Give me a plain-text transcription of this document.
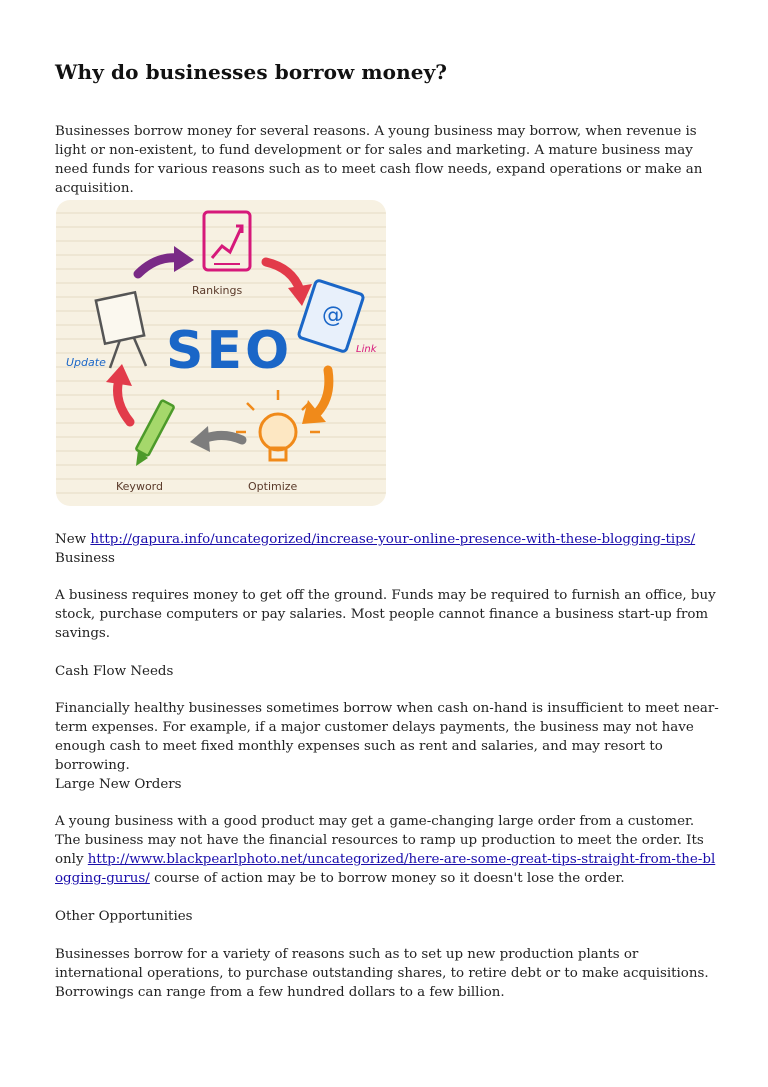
Why do businesses borrow money?

Businesses borrow money for several reasons. A young business may borrow, when revenue is light or non-existent, to fund development or for sales and marketing. A mature business may need funds for various reasons such as to meet cash flow needs, expand operations or make an acquisition.

Rankings
@
Link
SEO
Update
Optimize
Keyword

New http://gapura.info/uncategorized/increase-your-online-presence-with-these-blogging-tips/
Business

A business requires money to get off the ground. Funds may be required to furnish an office, buy stock, purchase computers or pay salaries. Most people cannot finance a business start-up from savings.

Cash Flow Needs

Financially healthy businesses sometimes borrow when cash on-hand is insufficient to meet near-term expenses. For example, if a major customer delays payments, the business may not have enough cash to meet fixed monthly expenses such as rent and salaries, and may resort to borrowing.

Large New Orders

A young business with a good product may get a game-changing large order from a customer. The business may not have the financial resources to ramp up production to meet the order. Its only http://www.blackpearlphoto.net/uncategorized/here-are-some-great-tips-straight-from-the-blogging-gurus/ course of action may be to borrow money so it doesn't lose the order.

Other Opportunities

Businesses borrow for a variety of reasons such as to set up new production plants or international operations, to purchase outstanding shares, to retire debt or to make acquisitions. Borrowings can range from a few hundred dollars to a few billion.
